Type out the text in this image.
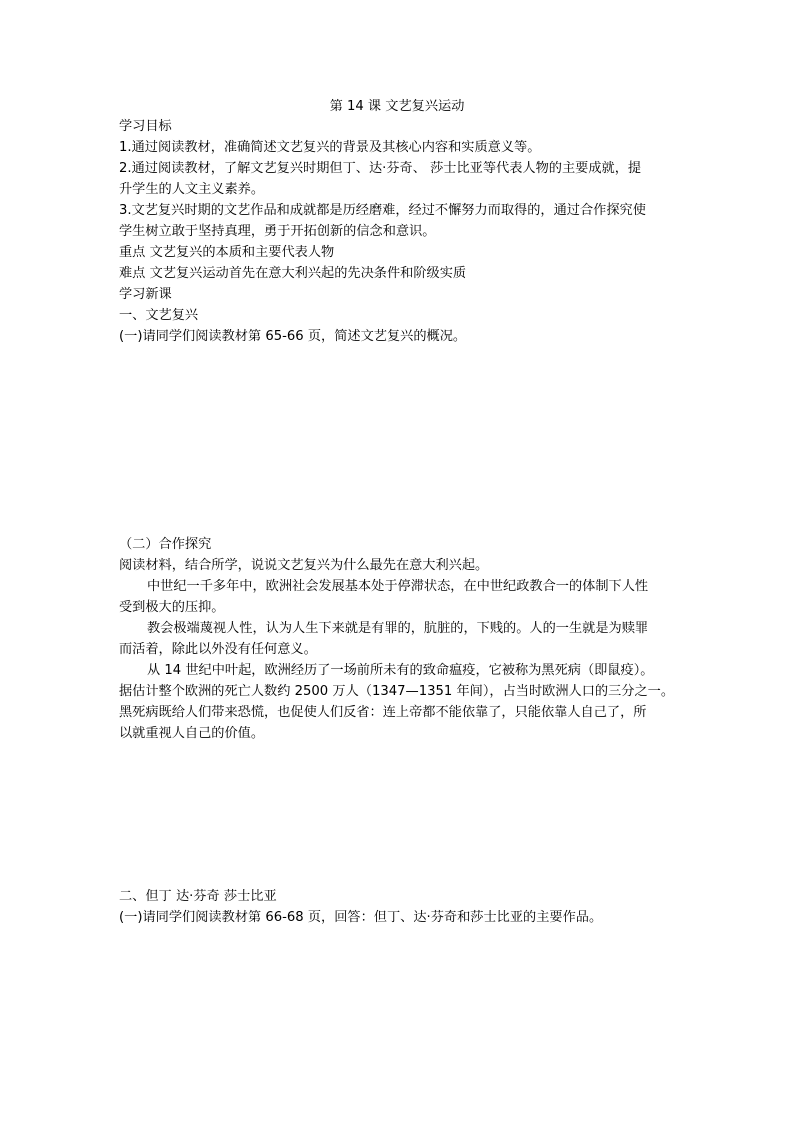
第 14 课 文艺复兴运动
学习目标
1.通过阅读教材，准确简述文艺复兴的背景及其核心内容和实质意义等。
2.通过阅读教材，了解文艺复兴时期但丁、达·芬奇、 莎士比亚等代表人物的主要成就，提
升学生的人文主义素养。
3.文艺复兴时期的文艺作品和成就都是历经磨难，经过不懈努力而取得的，通过合作探究使
学生树立敢于坚持真理，勇于开拓创新的信念和意识。
重点 文艺复兴的本质和主要代表人物
难点 文艺复兴运动首先在意大利兴起的先决条件和阶级实质
学习新课
一、文艺复兴
(一)请同学们阅读教材第 65-66 页，简述文艺复兴的概况。
（二）合作探究
阅读材料，结合所学，说说文艺复兴为什么最先在意大利兴起。
中世纪一千多年中，欧洲社会发展基本处于停滞状态，在中世纪政教合一的体制下人性
受到极大的压抑。
教会极端蔑视人性，认为人生下来就是有罪的，肮脏的，下贱的。人的一生就是为赎罪
而活着，除此以外没有任何意义。
从 14 世纪中叶起，欧洲经历了一场前所未有的致命瘟疫，它被称为黑死病（即鼠疫）。
据估计整个欧洲的死亡人数约 2500 万人（1347—1351 年间），占当时欧洲人口的三分之一。
黑死病既给人们带来恐慌，也促使人们反省：连上帝都不能依靠了，只能依靠人自己了，所
以就重视人自己的价值。
二、但丁 达·芬奇 莎士比亚
(一)请同学们阅读教材第 66-68 页，回答：但丁、达·芬奇和莎士比亚的主要作品。
